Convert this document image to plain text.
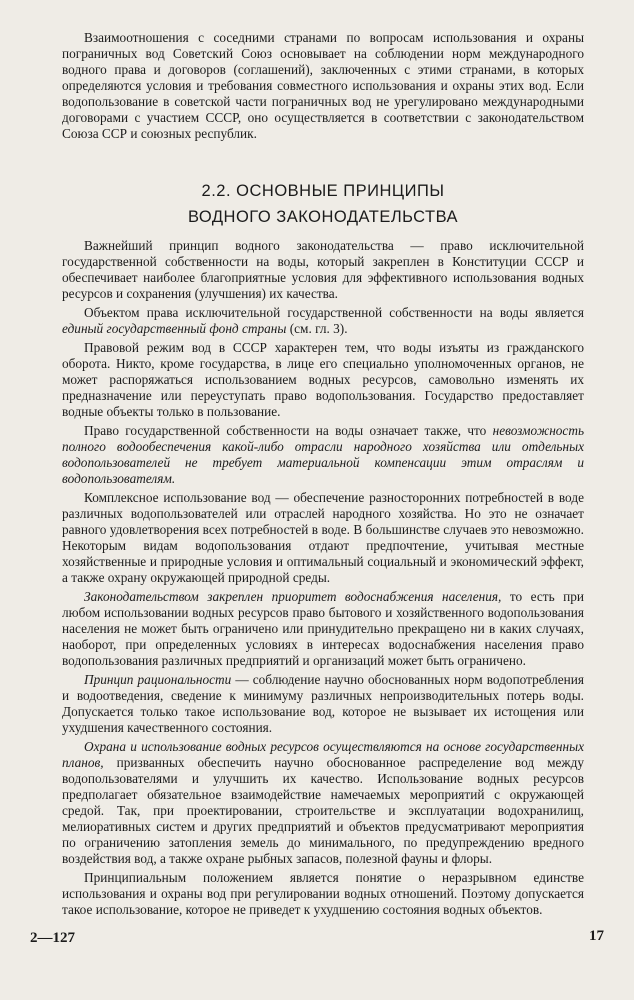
Взаимоотношения с соседними странами по вопросам использования и охраны пограничных вод Советский Союз основывает на соблюдении норм международного водного права и договоров (соглашений), заключенных с этими странами, в которых определяются условия и требования совместного использования и охраны этих вод. Если водопользование в советской части пограничных вод не урегулировано международными договорами с участием СССР, оно осуществляется в соответствии с законодательством Союза ССР и союзных республик.

2.2. ОСНОВНЫЕ ПРИНЦИПЫ
ВОДНОГО ЗАКОНОДАТЕЛЬСТВА

Важнейший принцип водного законодательства — право исключительной государственной собственности на воды, который закреплен в Конституции СССР и обеспечивает наиболее благоприятные условия для эффективного использования водных ресурсов и сохранения (улучшения) их качества.

Объектом права исключительной государственной собственности на воды является единый государственный фонд страны (см. гл. 3).

Правовой режим вод в СССР характерен тем, что воды изъяты из гражданского оборота. Никто, кроме государства, в лице его специально уполномоченных органов, не может распоряжаться использованием водных ресурсов, самовольно изменять их предназначение или переуступать право водопользования. Государство предоставляет водные объекты только в пользование.

Право государственной собственности на воды означает также, что невозможность полного водообеспечения какой-либо отрасли народного хозяйства или отдельных водопользователей не требует материальной компенсации этим отраслям и водопользователям.

Комплексное использование вод — обеспечение разносторонних потребностей в воде различных водопользователей или отраслей народного хозяйства. Но это не означает равного удовлетворения всех потребностей в воде. В большинстве случаев это невозможно. Некоторым видам водопользования отдают предпочтение, учитывая местные хозяйственные и природные условия и оптимальный социальный и экономический эффект, а также охрану окружающей природной среды.

Законодательством закреплен приоритет водоснабжения населения, то есть при любом использовании водных ресурсов право бытового и хозяйственного водопользования населения не может быть ограничено или принудительно прекращено ни в каких случаях, наоборот, при определенных условиях в интересах водоснабжения населения право водопользования различных предприятий и организаций может быть ограничено.

Принцип рациональности — соблюдение научно обоснованных норм водопотребления и водоотведения, сведение к минимуму различных непроизводительных потерь воды. Допускается только такое использование вод, которое не вызывает их истощения или ухудшения качественного состояния.

Охрана и использование водных ресурсов осуществляются на основе государственных планов, призванных обеспечить научно обоснованное распределение вод между водопользователями и улучшить их качество. Использование водных ресурсов предполагает обязательное взаимодействие намечаемых мероприятий с окружающей средой. Так, при проектировании, строительстве и эксплуатации водохранилищ, мелиоративных систем и других предприятий и объектов предусматривают мероприятия по ограничению затопления земель до минимального, по предупреждению вредного воздействия вод, а также охране рыбных запасов, полезной фауны и флоры.

Принципиальным положением является понятие о неразрывном единстве использования и охраны вод при регулировании водных отношений. Поэтому допускается такое использование, которое не приведет к ухудшению состояния водных объектов.

2—127	17
